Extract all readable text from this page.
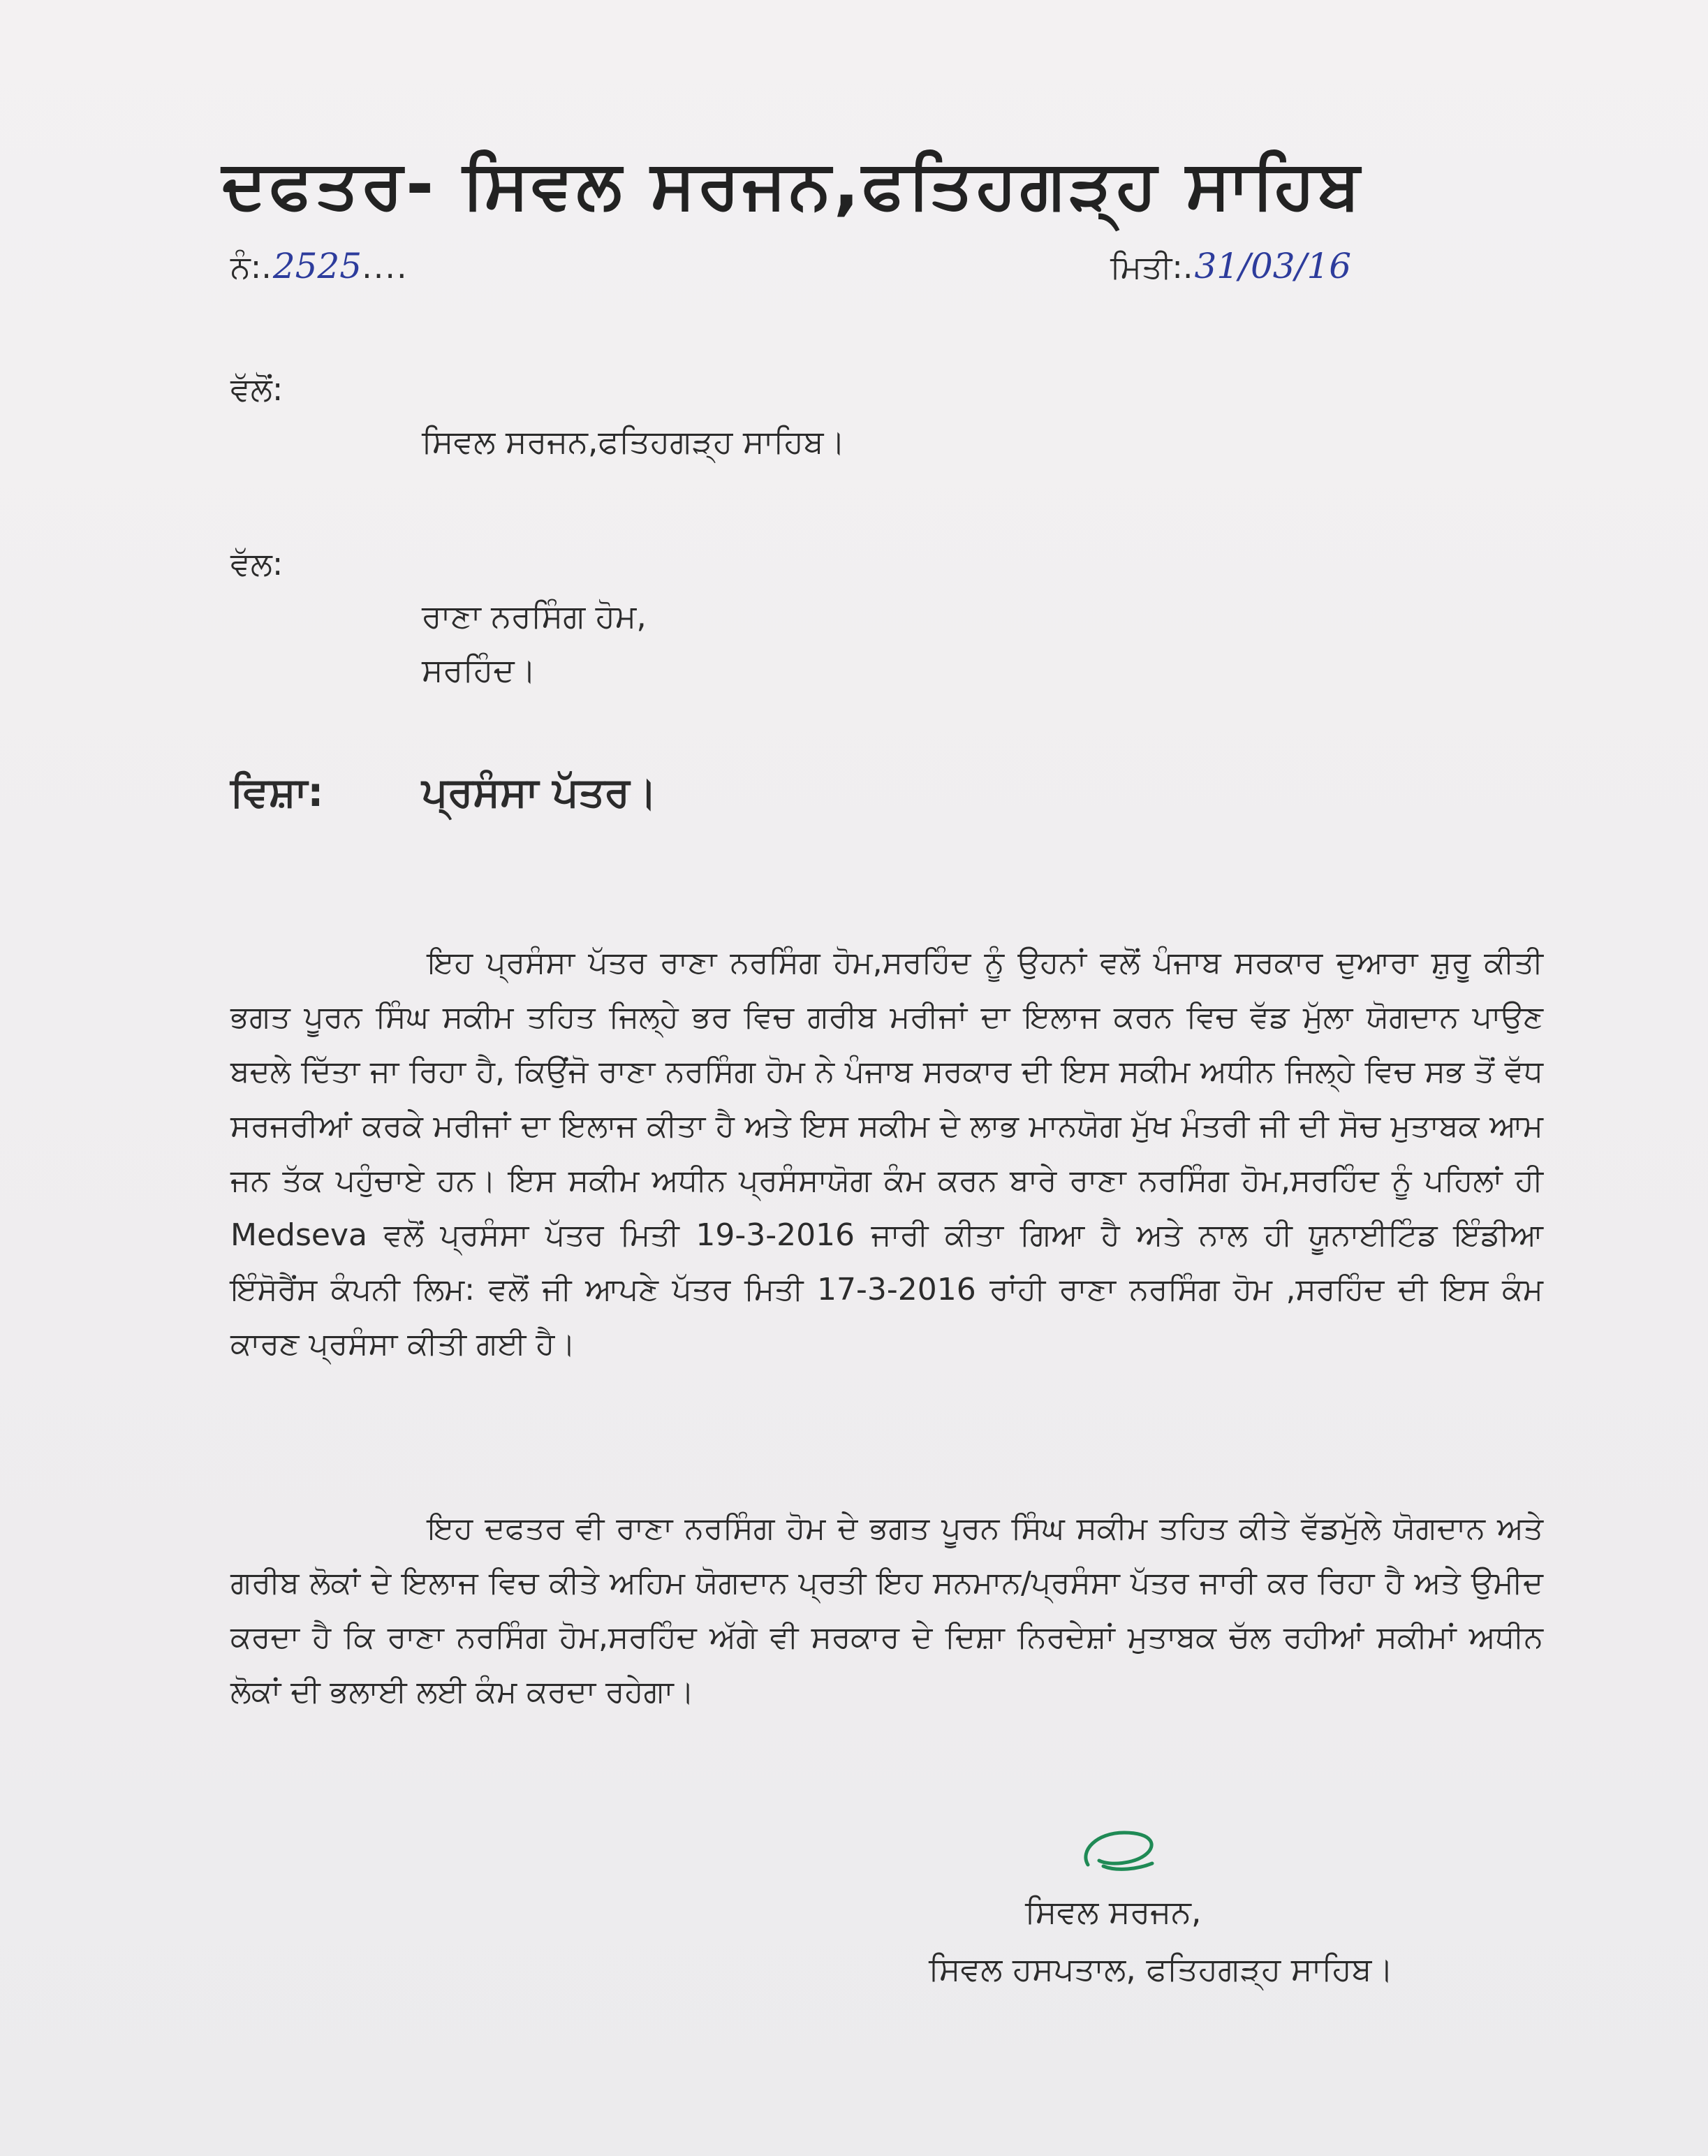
ਦਫਤਰ- ਸਿਵਲ ਸਰਜਨ,ਫਤਿਹਗੜ੍ਹ ਸਾਹਿਬ
ਨੰ:.2525....	ਮਿਤੀ:.31/03/16
ਵੱਲੋਂ:
ਸਿਵਲ ਸਰਜਨ,ਫਤਿਹਗੜ੍ਹ ਸਾਹਿਬ।
ਵੱਲ:
ਰਾਣਾ ਨਰਸਿੰਗ ਹੋਮ,
ਸਰਹਿੰਦ।
ਵਿਸ਼ਾ: ਪ੍ਰਸੰਸਾ ਪੱਤਰ।

ਇਹ ਪ੍ਰਸੰਸਾ ਪੱਤਰ ਰਾਣਾ ਨਰਸਿੰਗ ਹੋਮ,ਸਰਹਿੰਦ ਨੂੰ ਉਹਨਾਂ ਵਲੋਂ ਪੰਜਾਬ ਸਰਕਾਰ ਦੁਆਰਾ ਸ਼ੁਰੂ ਕੀਤੀ ਭਗਤ ਪੂਰਨ ਸਿੰਘ ਸਕੀਮ ਤਹਿਤ ਜਿਲ੍ਹੇ ਭਰ ਵਿਚ ਗਰੀਬ ਮਰੀਜਾਂ ਦਾ ਇਲਾਜ ਕਰਨ ਵਿਚ ਵੱਡ ਮੁੱਲਾ ਯੋਗਦਾਨ ਪਾਉਣ ਬਦਲੇ ਦਿੱਤਾ ਜਾ ਰਿਹਾ ਹੈ, ਕਿਉਂਜੋ ਰਾਣਾ ਨਰਸਿੰਗ ਹੋਮ ਨੇ ਪੰਜਾਬ ਸਰਕਾਰ ਦੀ ਇਸ ਸਕੀਮ ਅਧੀਨ ਜਿਲ੍ਹੇ ਵਿਚ ਸਭ ਤੋਂ ਵੱਧ ਸਰਜਰੀਆਂ ਕਰਕੇ ਮਰੀਜਾਂ ਦਾ ਇਲਾਜ ਕੀਤਾ ਹੈ ਅਤੇ ਇਸ ਸਕੀਮ ਦੇ ਲਾਭ ਮਾਨਯੋਗ ਮੁੱਖ ਮੰਤਰੀ ਜੀ ਦੀ ਸੋਚ ਮੁਤਾਬਕ ਆਮ ਜਨ ਤੱਕ ਪਹੁੰਚਾਏ ਹਨ। ਇਸ ਸਕੀਮ ਅਧੀਨ ਪ੍ਰਸੰਸਾਯੋਗ ਕੰਮ ਕਰਨ ਬਾਰੇ ਰਾਣਾ ਨਰਸਿੰਗ ਹੋਮ,ਸਰਹਿੰਦ ਨੂੰ ਪਹਿਲਾਂ ਹੀ Medseva ਵਲੋਂ ਪ੍ਰਸੰਸਾ ਪੱਤਰ ਮਿਤੀ 19-3-2016 ਜਾਰੀ ਕੀਤਾ ਗਿਆ ਹੈ ਅਤੇ ਨਾਲ ਹੀ ਯੂਨਾਈਟਿੰਡ ਇੰਡੀਆ ਇੰਸੋਰੈਂਸ ਕੰਪਨੀ ਲਿਮ: ਵਲੋਂ ਜੀ ਆਪਣੇ ਪੱਤਰ ਮਿਤੀ 17-3-2016 ਰਾਂਹੀ ਰਾਣਾ ਨਰਸਿੰਗ ਹੋਮ ,ਸਰਹਿੰਦ ਦੀ ਇਸ ਕੰਮ ਕਾਰਣ ਪ੍ਰਸੰਸਾ ਕੀਤੀ ਗਈ ਹੈ।

ਇਹ ਦਫਤਰ ਵੀ ਰਾਣਾ ਨਰਸਿੰਗ ਹੋਮ ਦੇ ਭਗਤ ਪੂਰਨ ਸਿੰਘ ਸਕੀਮ ਤਹਿਤ ਕੀਤੇ ਵੱਡਮੁੱਲੇ ਯੋਗਦਾਨ ਅਤੇ ਗਰੀਬ ਲੋਕਾਂ ਦੇ ਇਲਾਜ ਵਿਚ ਕੀਤੇ ਅਹਿਮ ਯੋਗਦਾਨ ਪ੍ਰਤੀ ਇਹ ਸਨਮਾਨ/ਪ੍ਰਸੰਸਾ ਪੱਤਰ ਜਾਰੀ ਕਰ ਰਿਹਾ ਹੈ ਅਤੇ ਉਮੀਦ ਕਰਦਾ ਹੈ ਕਿ ਰਾਣਾ ਨਰਸਿੰਗ ਹੋਮ,ਸਰਹਿੰਦ ਅੱਗੇ ਵੀ ਸਰਕਾਰ ਦੇ ਦਿਸ਼ਾ ਨਿਰਦੇਸ਼ਾਂ ਮੁਤਾਬਕ ਚੱਲ ਰਹੀਆਂ ਸਕੀਮਾਂ ਅਧੀਨ ਲੋਕਾਂ ਦੀ ਭਲਾਈ ਲਈ ਕੰਮ ਕਰਦਾ ਰਹੇਗਾ।

ਸਿਵਲ ਸਰਜਨ,
ਸਿਵਲ ਹਸਪਤਾਲ, ਫਤਿਹਗੜ੍ਹ ਸਾਹਿਬ।
